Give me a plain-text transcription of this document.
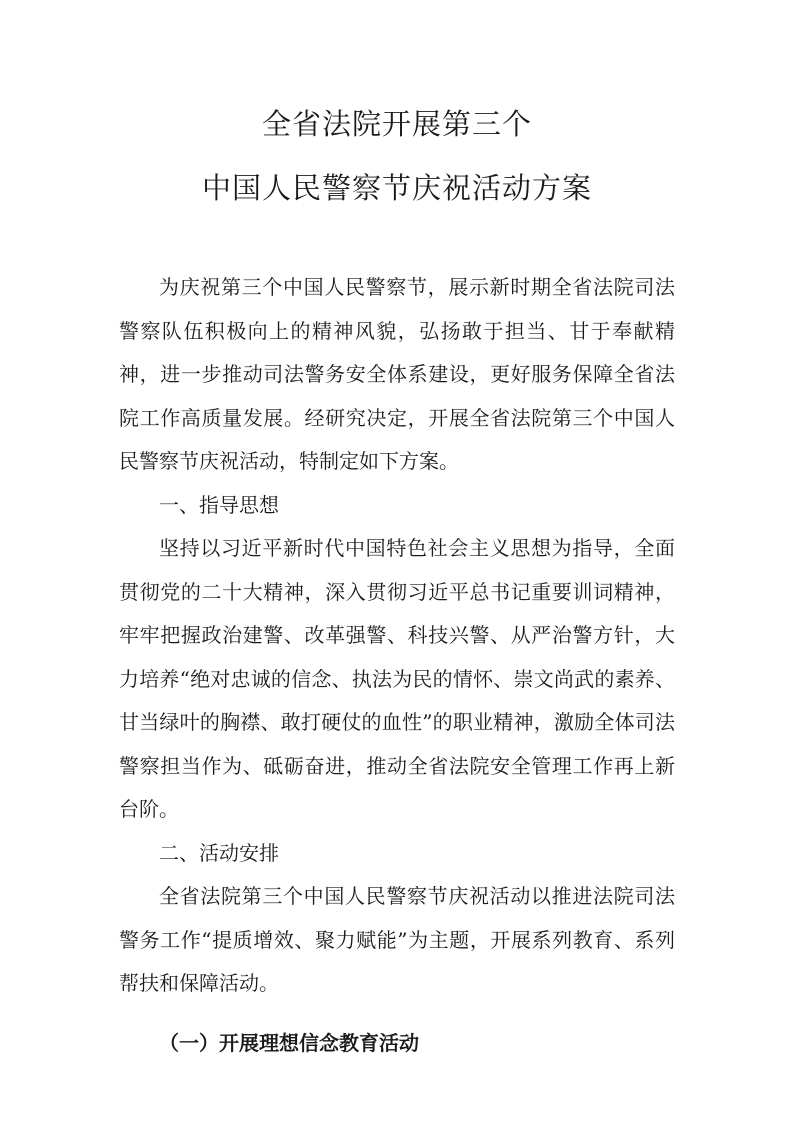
全省法院开展第三个
中国人民警察节庆祝活动方案

为庆祝第三个中国人民警察节，展示新时期全省法院司法警察队伍积极向上的精神风貌，弘扬敢于担当、甘于奉献精神，进一步推动司法警务安全体系建设，更好服务保障全省法院工作高质量发展。经研究决定，开展全省法院第三个中国人民警察节庆祝活动，特制定如下方案。

一、指导思想

坚持以习近平新时代中国特色社会主义思想为指导，全面贯彻党的二十大精神，深入贯彻习近平总书记重要训词精神，牢牢把握政治建警、改革强警、科技兴警、从严治警方针，大力培养“绝对忠诚的信念、执法为民的情怀、崇文尚武的素养、甘当绿叶的胸襟、敢打硬仗的血性”的职业精神，激励全体司法警察担当作为、砥砺奋进，推动全省法院安全管理工作再上新台阶。

二、活动安排

全省法院第三个中国人民警察节庆祝活动以推进法院司法警务工作“提质增效、聚力赋能”为主题，开展系列教育、系列帮扶和保障活动。

（一）开展理想信念教育活动
